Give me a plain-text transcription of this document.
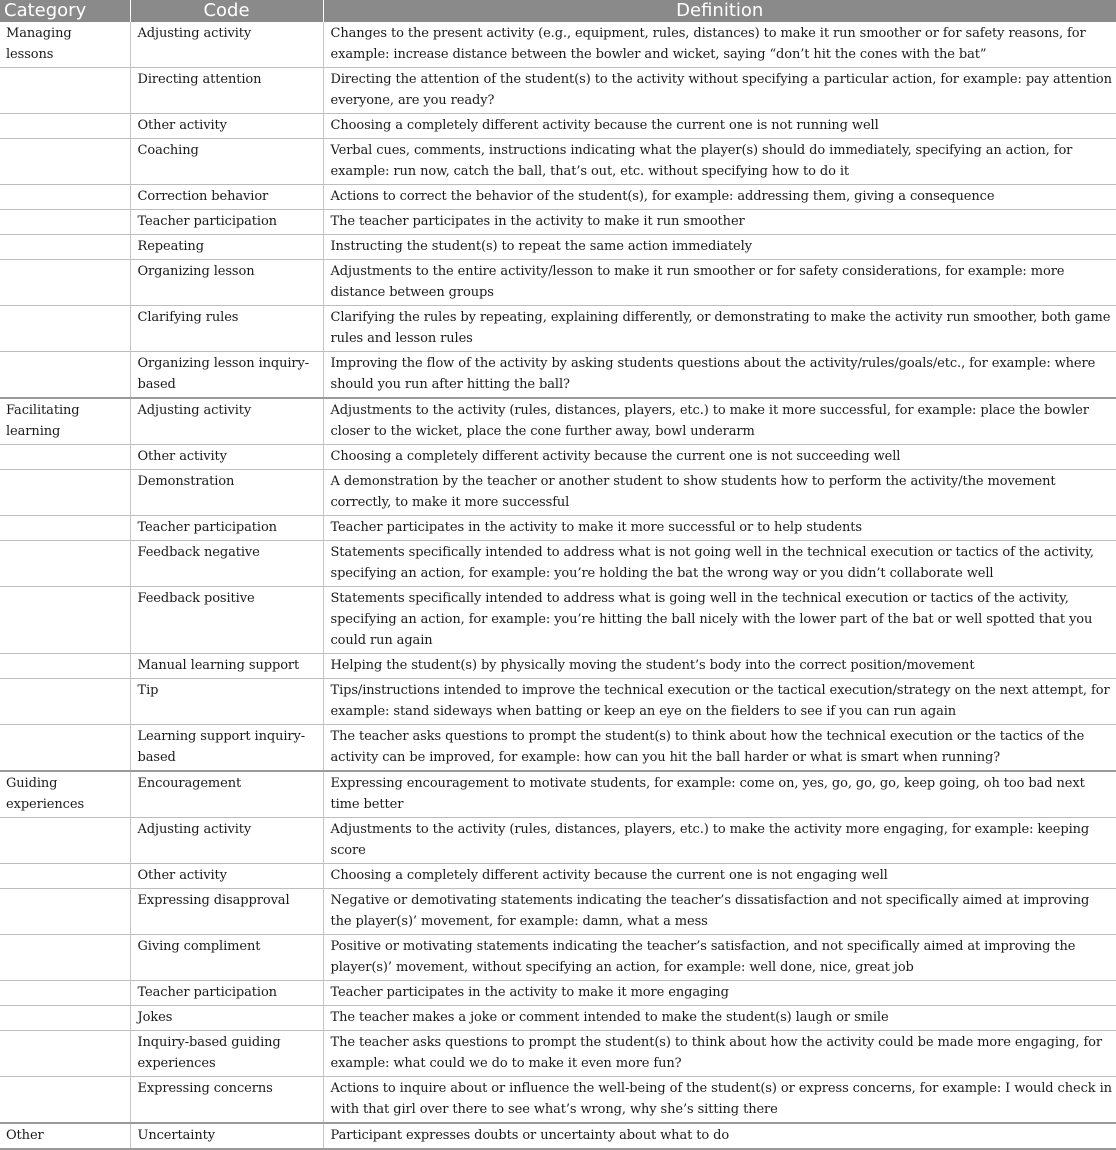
Category	Code	Definition
Managing lessons	Adjusting activity	Changes to the present activity (e.g., equipment, rules, distances) to make it run smoother or for safety reasons, for example: increase distance between the bowler and wicket, saying “don’t hit the cones with the bat”
	Directing attention	Directing the attention of the student(s) to the activity without specifying a particular action, for example: pay attention everyone, are you ready?
	Other activity	Choosing a completely different activity because the current one is not running well
	Coaching	Verbal cues, comments, instructions indicating what the player(s) should do immediately, specifying an action, for example: run now, catch the ball, that’s out, etc. without specifying how to do it
	Correction behavior	Actions to correct the behavior of the student(s), for example: addressing them, giving a consequence
	Teacher participation	The teacher participates in the activity to make it run smoother
	Repeating	Instructing the student(s) to repeat the same action immediately
	Organizing lesson	Adjustments to the entire activity/lesson to make it run smoother or for safety considerations, for example: more distance between groups
	Clarifying rules	Clarifying the rules by repeating, explaining differently, or demonstrating to make the activity run smoother, both game rules and lesson rules
	Organizing lesson inquiry-based	Improving the flow of the activity by asking students questions about the activity/rules/goals/etc., for example: where should you run after hitting the ball?
Facilitating learning	Adjusting activity	Adjustments to the activity (rules, distances, players, etc.) to make it more successful, for example: place the bowler closer to the wicket, place the cone further away, bowl underarm
	Other activity	Choosing a completely different activity because the current one is not succeeding well
	Demonstration	A demonstration by the teacher or another student to show students how to perform the activity/the movement correctly, to make it more successful
	Teacher participation	Teacher participates in the activity to make it more successful or to help students
	Feedback negative	Statements specifically intended to address what is not going well in the technical execution or tactics of the activity, specifying an action, for example: you’re holding the bat the wrong way or you didn’t collaborate well
	Feedback positive	Statements specifically intended to address what is going well in the technical execution or tactics of the activity, specifying an action, for example: you’re hitting the ball nicely with the lower part of the bat or well spotted that you could run again
	Manual learning support	Helping the student(s) by physically moving the student’s body into the correct position/movement
	Tip	Tips/instructions intended to improve the technical execution or the tactical execution/strategy on the next attempt, for example: stand sideways when batting or keep an eye on the fielders to see if you can run again
	Learning support inquiry-based	The teacher asks questions to prompt the student(s) to think about how the technical execution or the tactics of the activity can be improved, for example: how can you hit the ball harder or what is smart when running?
Guiding experiences	Encouragement	Expressing encouragement to motivate students, for example: come on, yes, go, go, go, keep going, oh too bad next time better
	Adjusting activity	Adjustments to the activity (rules, distances, players, etc.) to make the activity more engaging, for example: keeping score
	Other activity	Choosing a completely different activity because the current one is not engaging well
	Expressing disapproval	Negative or demotivating statements indicating the teacher’s dissatisfaction and not specifically aimed at improving the player(s)’ movement, for example: damn, what a mess
	Giving compliment	Positive or motivating statements indicating the teacher’s satisfaction, and not specifically aimed at improving the player(s)’ movement, without specifying an action, for example: well done, nice, great job
	Teacher participation	Teacher participates in the activity to make it more engaging
	Jokes	The teacher makes a joke or comment intended to make the student(s) laugh or smile
	Inquiry-based guiding experiences	The teacher asks questions to prompt the student(s) to think about how the activity could be made more engaging, for example: what could we do to make it even more fun?
	Expressing concerns	Actions to inquire about or influence the well-being of the student(s) or express concerns, for example: I would check in with that girl over there to see what’s wrong, why she’s sitting there
Other	Uncertainty	Participant expresses doubts or uncertainty about what to do
